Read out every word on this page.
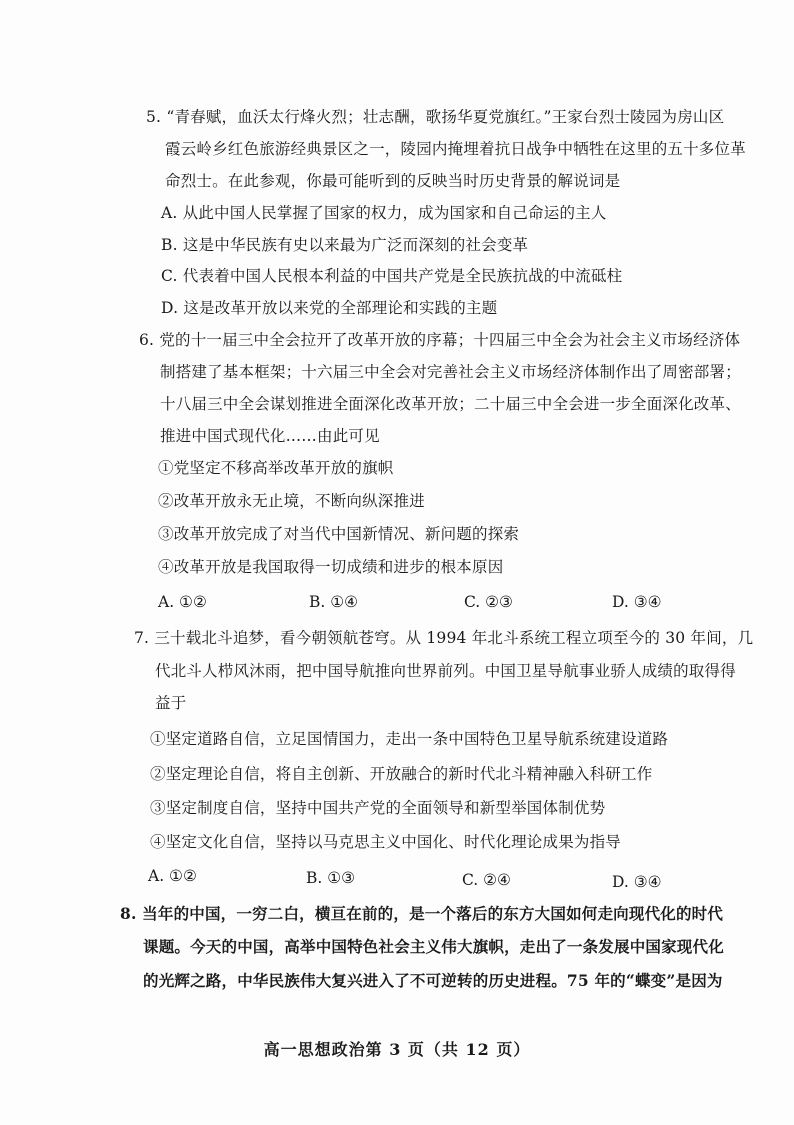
5. “青春赋，血沃太行烽火烈；壮志酬，歌扬华夏党旗红。”王家台烈士陵园为房山区
霞云岭乡红色旅游经典景区之一，陵园内掩埋着抗日战争中牺牲在这里的五十多位革
命烈士。在此参观，你最可能听到的反映当时历史背景的解说词是
A. 从此中国人民掌握了国家的权力，成为国家和自己命运的主人
B. 这是中华民族有史以来最为广泛而深刻的社会变革
C. 代表着中国人民根本利益的中国共产党是全民族抗战的中流砥柱
D. 这是改革开放以来党的全部理论和实践的主题
6. 党的十一届三中全会拉开了改革开放的序幕；十四届三中全会为社会主义市场经济体
制搭建了基本框架；十六届三中全会对完善社会主义市场经济体制作出了周密部署；
十八届三中全会谋划推进全面深化改革开放；二十届三中全会进一步全面深化改革、
推进中国式现代化……由此可见
①党坚定不移高举改革开放的旗帜
②改革开放永无止境，不断向纵深推进
③改革开放完成了对当代中国新情况、新问题的探索
④改革开放是我国取得一切成绩和进步的根本原因
A. ①②	B. ①④	C. ②③	D. ③④
7. 三十载北斗追梦，看今朝领航苍穹。从 1994 年北斗系统工程立项至今的 30 年间，几
代北斗人栉风沐雨，把中国导航推向世界前列。中国卫星导航事业骄人成绩的取得得
益于
①坚定道路自信，立足国情国力，走出一条中国特色卫星导航系统建设道路
②坚定理论自信，将自主创新、开放融合的新时代北斗精神融入科研工作
③坚定制度自信，坚持中国共产党的全面领导和新型举国体制优势
④坚定文化自信，坚持以马克思主义中国化、时代化理论成果为指导
A. ①②	B. ①③	C. ②④	D. ③④
8. 当年的中国，一穷二白，横亘在前的，是一个落后的东方大国如何走向现代化的时代
课题。今天的中国，高举中国特色社会主义伟大旗帜，走出了一条发展中国家现代化
的光辉之路，中华民族伟大复兴进入了不可逆转的历史进程。75 年的“蝶变”是因为
高一思想政治第 3 页（共 12 页）
